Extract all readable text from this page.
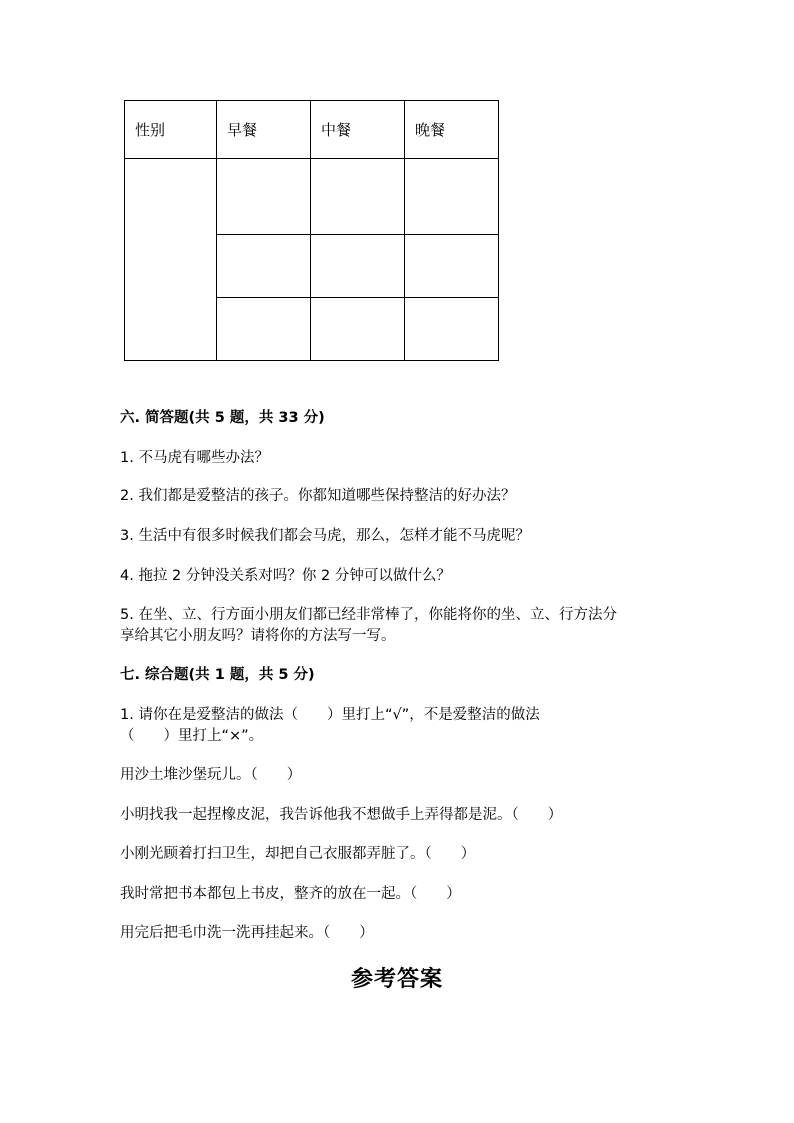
性别	早餐	中餐	晚餐

六. 简答题(共 5 题，共 33 分)
1. 不马虎有哪些办法？
2. 我们都是爱整洁的孩子。你都知道哪些保持整洁的好办法？
3. 生活中有很多时候我们都会马虎，那么，怎样才能不马虎呢？
4. 拖拉 2 分钟没关系对吗？你 2 分钟可以做什么？
5. 在坐、立、行方面小朋友们都已经非常棒了，你能将你的坐、立、行方法分
享给其它小朋友吗？请将你的方法写一写。
七. 综合题(共 1 题，共 5 分)
1. 请你在是爱整洁的做法（　　）里打上“√”，不是爱整洁的做法
（　　）里打上“×”。
用沙土堆沙堡玩儿。（　　）
小明找我一起捏橡皮泥，我告诉他我不想做手上弄得都是泥。（　　）
小刚光顾着打扫卫生，却把自己衣服都弄脏了。（　　）
我时常把书本都包上书皮，整齐的放在一起。（　　）
用完后把毛巾洗一洗再挂起来。（　　）
参考答案
